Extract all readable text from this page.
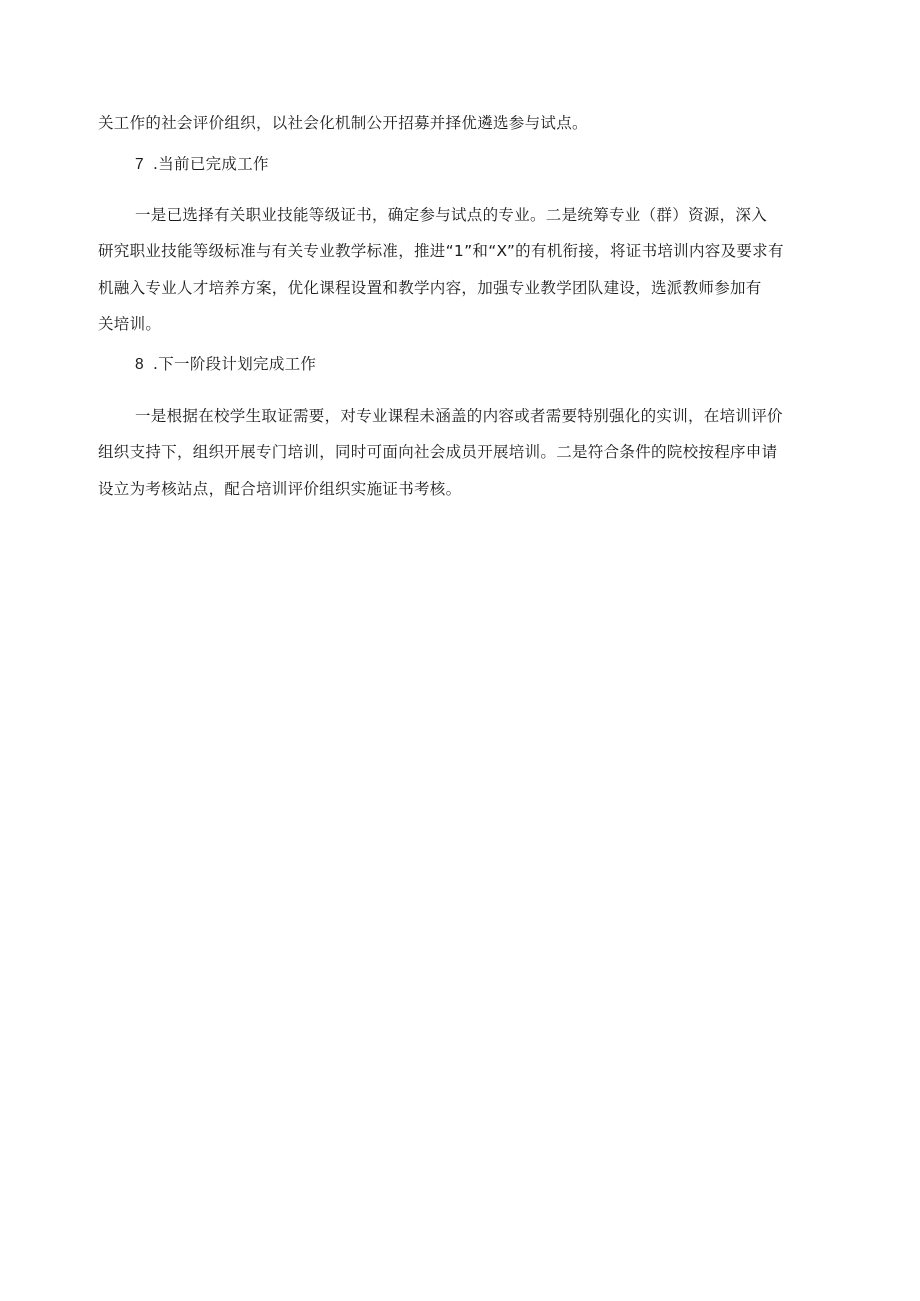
关工作的社会评价组织，以社会化机制公开招募并择优遴选参与试点。
7 .当前已完成工作
一是已选择有关职业技能等级证书，确定参与试点的专业。二是统筹专业（群）资源，深入
研究职业技能等级标准与有关专业教学标准，推进“1”和“X”的有机衔接，将证书培训内容及要求有
机融入专业人才培养方案，优化课程设置和教学内容，加强专业教学团队建设，选派教师参加有
关培训。
8 .下一阶段计划完成工作
一是根据在校学生取证需要，对专业课程未涵盖的内容或者需要特别强化的实训，在培训评价
组织支持下，组织开展专门培训，同时可面向社会成员开展培训。二是符合条件的院校按程序申请
设立为考核站点，配合培训评价组织实施证书考核。
